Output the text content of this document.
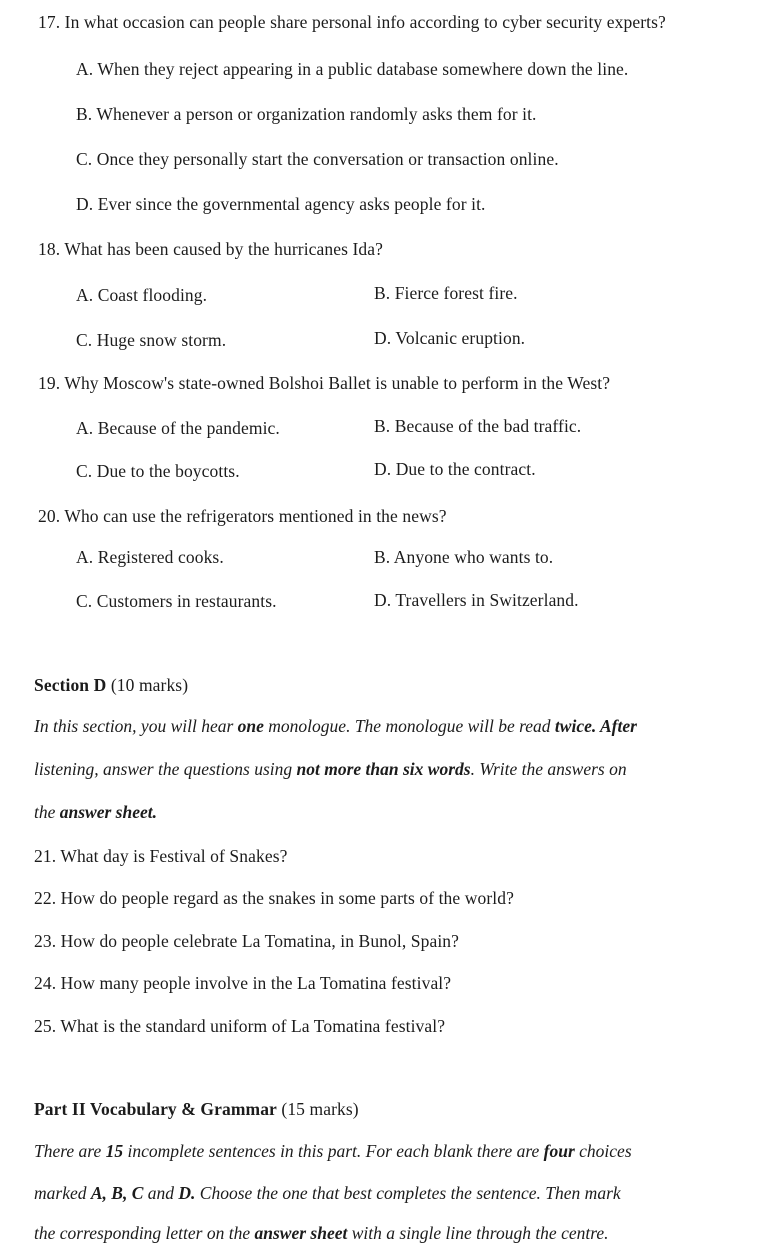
17. In what occasion can people share personal info according to cyber security experts?
A. When they reject appearing in a public database somewhere down the line.
B. Whenever a person or organization randomly asks them for it.
C. Once they personally start the conversation or transaction online.
D. Ever since the governmental agency asks people for it.
18. What has been caused by the hurricanes Ida?
A. Coast flooding.	B. Fierce forest fire.
C. Huge snow storm.	D. Volcanic eruption.
19. Why Moscow's state-owned Bolshoi Ballet is unable to perform in the West?
A. Because of the pandemic.	B. Because of the bad traffic.
C. Due to the boycotts.	D. Due to the contract.
20. Who can use the refrigerators mentioned in the news?
A. Registered cooks.	B. Anyone who wants to.
C. Customers in restaurants.	D. Travellers in Switzerland.
Section D (10 marks)
In this section, you will hear one monologue. The monologue will be read twice. After
listening, answer the questions using not more than six words. Write the answers on
the answer sheet.
21. What day is Festival of Snakes?
22. How do people regard as the snakes in some parts of the world?
23. How do people celebrate La Tomatina, in Bunol, Spain?
24. How many people involve in the La Tomatina festival?
25. What is the standard uniform of La Tomatina festival?
Part II Vocabulary & Grammar (15 marks)
There are 15 incomplete sentences in this part. For each blank there are four choices
marked A, B, C and D. Choose the one that best completes the sentence. Then mark
the corresponding letter on the answer sheet with a single line through the centre.
